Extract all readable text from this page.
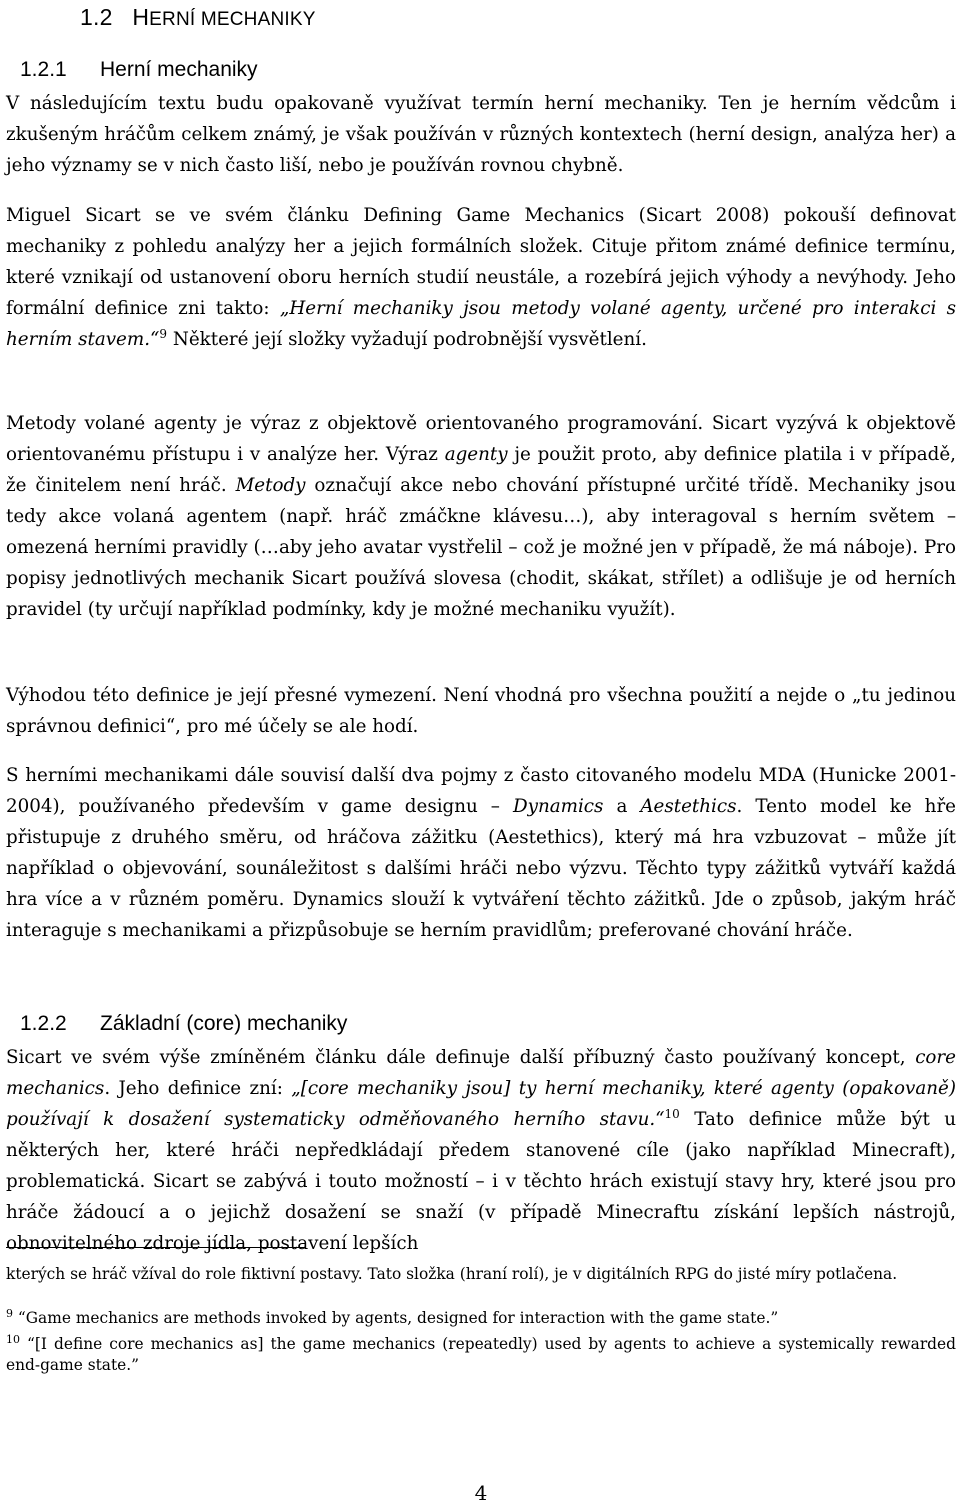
1.2 HERNÍ MECHANIKY
1.2.1 Herní mechaniky

V následujícím textu budu opakovaně využívat termín herní mechaniky. Ten je herním vědcům i zkušeným hráčům celkem známý, je však používán v různých kontextech (herní design, analýza her) a jeho významy se v nich často liší, nebo je používán rovnou chybně.

Miguel Sicart se ve svém článku Defining Game Mechanics (Sicart 2008) pokouší definovat mechaniky z pohledu analýzy her a jejich formálních složek. Cituje přitom známé definice termínu, které vznikají od ustanovení oboru herních studií neustále, a rozebírá jejich výhody a nevýhody. Jeho formální definice zni takto: „Herní mechaniky jsou metody volané agenty, určené pro interakci s herním stavem.“$^9$ Některé její složky vyžadují podrobnější vysvětlení.

Metody volané agenty je výraz z objektově orientovaného programování. Sicart vyzývá k objektově orientovanému přístupu i v analýze her. Výraz agenty je použit proto, aby definice platila i v případě, že činitelem není hráč. Metody označují akce nebo chování přístupné určité třídě. Mechaniky jsou tedy akce volaná agentem (např. hráč zmáčkne klávesu…), aby interagoval s herním světem – omezená herními pravidly (…aby jeho avatar vystřelil – což je možné jen v případě, že má náboje). Pro popisy jednotlivých mechanik Sicart používá slovesa (chodit, skákat, střílet) a odlišuje je od herních pravidel (ty určují například podmínky, kdy je možné mechaniku využít).

Výhodou této definice je její přesné vymezení. Není vhodná pro všechna použití a nejde o „tu jedinou správnou definici“, pro mé účely se ale hodí.

S herními mechanikami dále souvisí další dva pojmy z často citovaného modelu MDA (Hunicke 2001-2004), používaného především v game designu – Dynamics a Aestethics. Tento model ke hře přistupuje z druhého směru, od hráčova zážitku (Aestethics), který má hra vzbuzovat – může jít například o objevování, sounáležitost s dalšími hráči nebo výzvu. Těchto typy zážitků vytváří každá hra více a v různém poměru. Dynamics slouží k vytváření těchto zážitků. Jde o způsob, jakým hráč interaguje s mechanikami a přizpůsobuje se herním pravidlům; preferované chování hráče.

1.2.2 Základní (core) mechaniky

Sicart ve svém výše zmíněném článku dále definuje další příbuzný často používaný koncept, core mechanics. Jeho definice zní: „[core mechaniky jsou] ty herní mechaniky, které agenty (opakovaně) používají k dosažení systematicky odměňovaného herního stavu.“$^{10}$ Tato definice může být u některých her, které hráči nepředkládají předem stanovené cíle (jako například Minecraft), problematická. Sicart se zabývá i touto možností – i v těchto hrách existují stavy hry, které jsou pro hráče žádoucí a o jejichž dosažení se snaží (v případě Minecraftu získání lepších nástrojů, obnovitelného zdroje jídla, postavení lepších

kterých se hráč vžíval do role fiktivní postavy. Tato složka (hraní rolí), je v digitálních RPG do jisté míry potlačena.

$^9$ “Game mechanics are methods invoked by agents, designed for interaction with the game state.”

$^{10}$ “[I define core mechanics as] the game mechanics (repeatedly) used by agents to achieve a systemically rewarded end-game state.”

4
